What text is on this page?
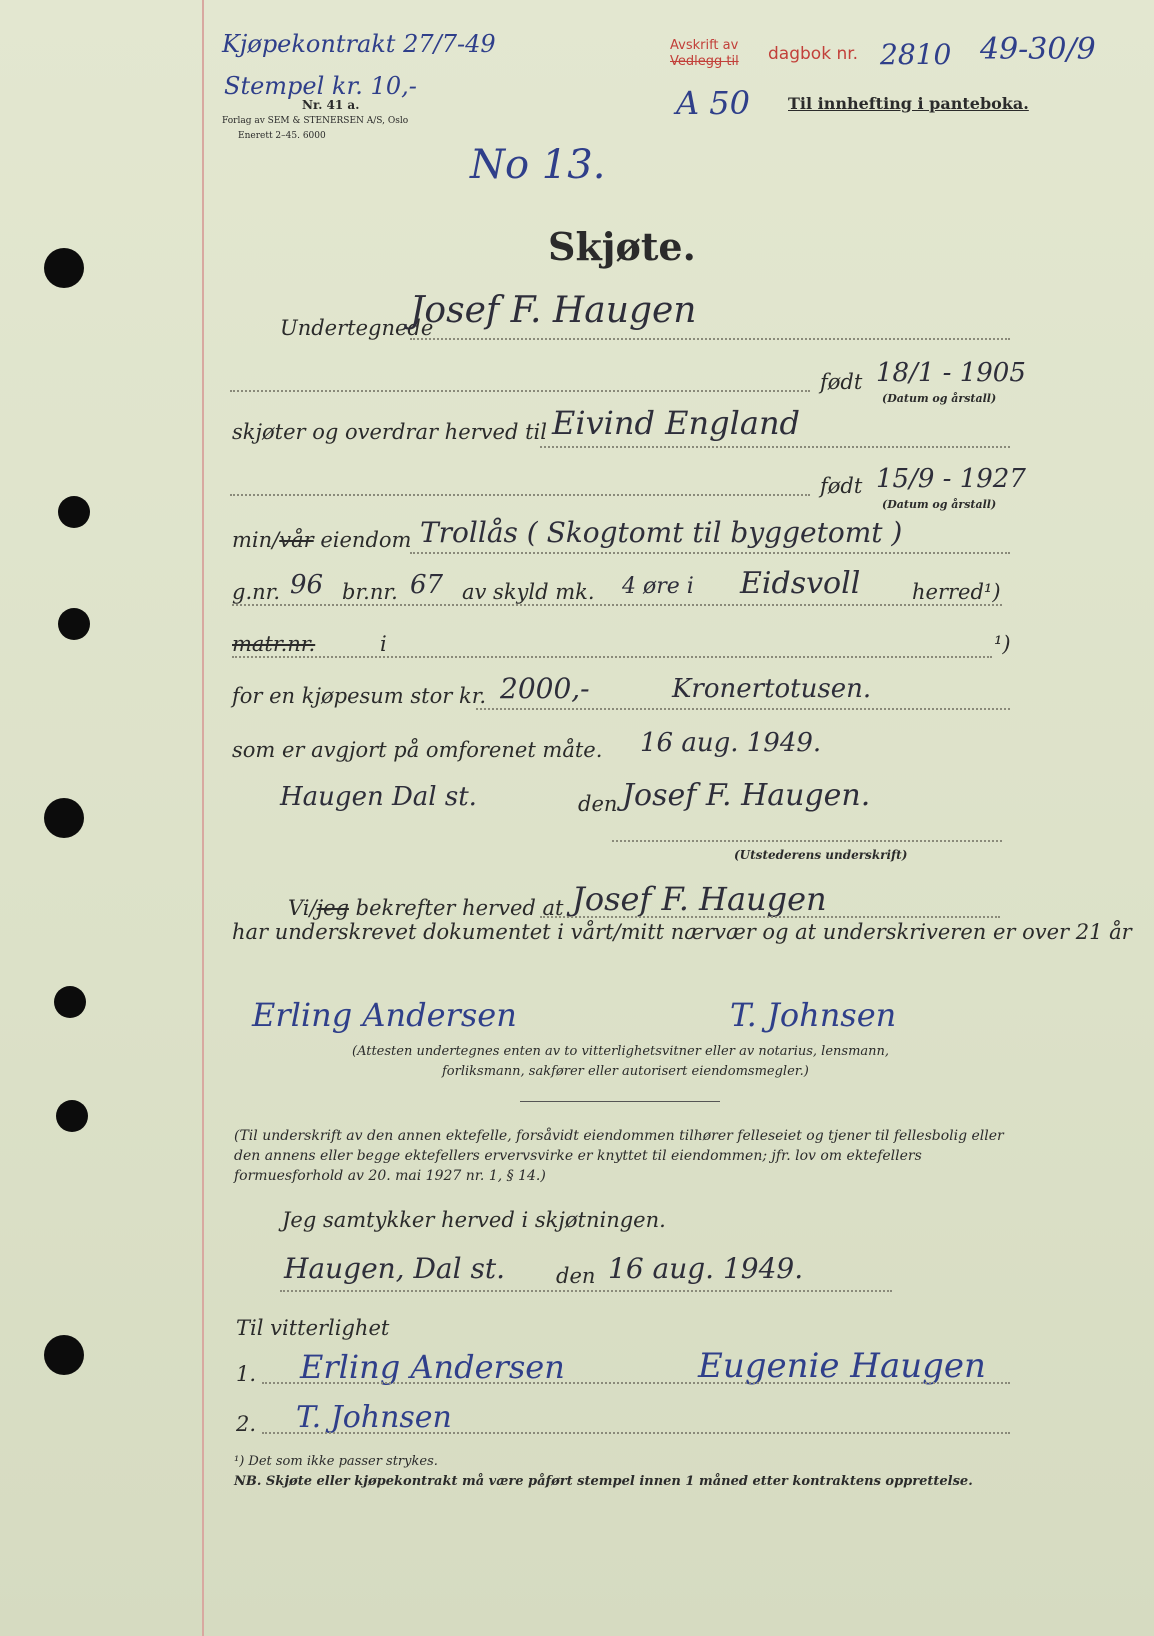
Kjøpekontrakt 27/7-49
Stempel kr. 10,-
Nr. 41 a.
Forlag av SEM & STENERSEN A/S, Oslo
Enerett 2–45. 6000
Avskrift av
Vedlegg til dagbok nr. 2810 49-30/9
A 50 Til innhefting i panteboka.
No 13.
Skjøte.
Undertegnede
Josef F. Haugen
født 18/1 - 1905
(Datum og årstall)
skjøter og overdrar herved til Eivind England
født 15/9 - 1927
(Datum og årstall)
min/vår eiendom Trollås ( Skogtomt til byggetomt )
g.nr. 96 br.nr. 67 av skyld mk. 4 øre i Eidsvoll herred¹)
matr.nr.	i	¹)
for en kjøpesum stor kr. 2000,-	Kronertotusen.
som er avgjort på omforenet måte. 16 aug. 1949.
Haugen Dal st.	den Josef F. Haugen.
(Utstederens underskrift)
Vi/jeg bekrefter herved at Josef F. Haugen
har underskrevet dokumentet i vårt/mitt nærvær og at underskriveren er over 21 år
Erling Andersen	T. Johnsen
(Attesten undertegnes enten av to vitterlighetsvitner eller av notarius, lensmann,
forliksmann, sakfører eller autorisert eiendomsmegler.)
(Til underskrift av den annen ektefelle, forsåvidt eiendommen tilhører felleseiet og tjener til fellesbolig eller den annens eller begge ektefellers ervervsvirke er knyttet til eiendommen; jfr. lov om ektefellers formuesforhold av 20. mai 1927 nr. 1, § 14.)
Jeg samtykker herved i skjøtningen.
Haugen, Dal st. den 16 aug. 1949.
Til vitterlighet
1. Erling Andersen	Eugenie Haugen
2. T. Johnsen
¹) Det som ikke passer strykes.
NB. Skjøte eller kjøpekontrakt må være påført stempel innen 1 måned etter kontraktens opprettelse.
